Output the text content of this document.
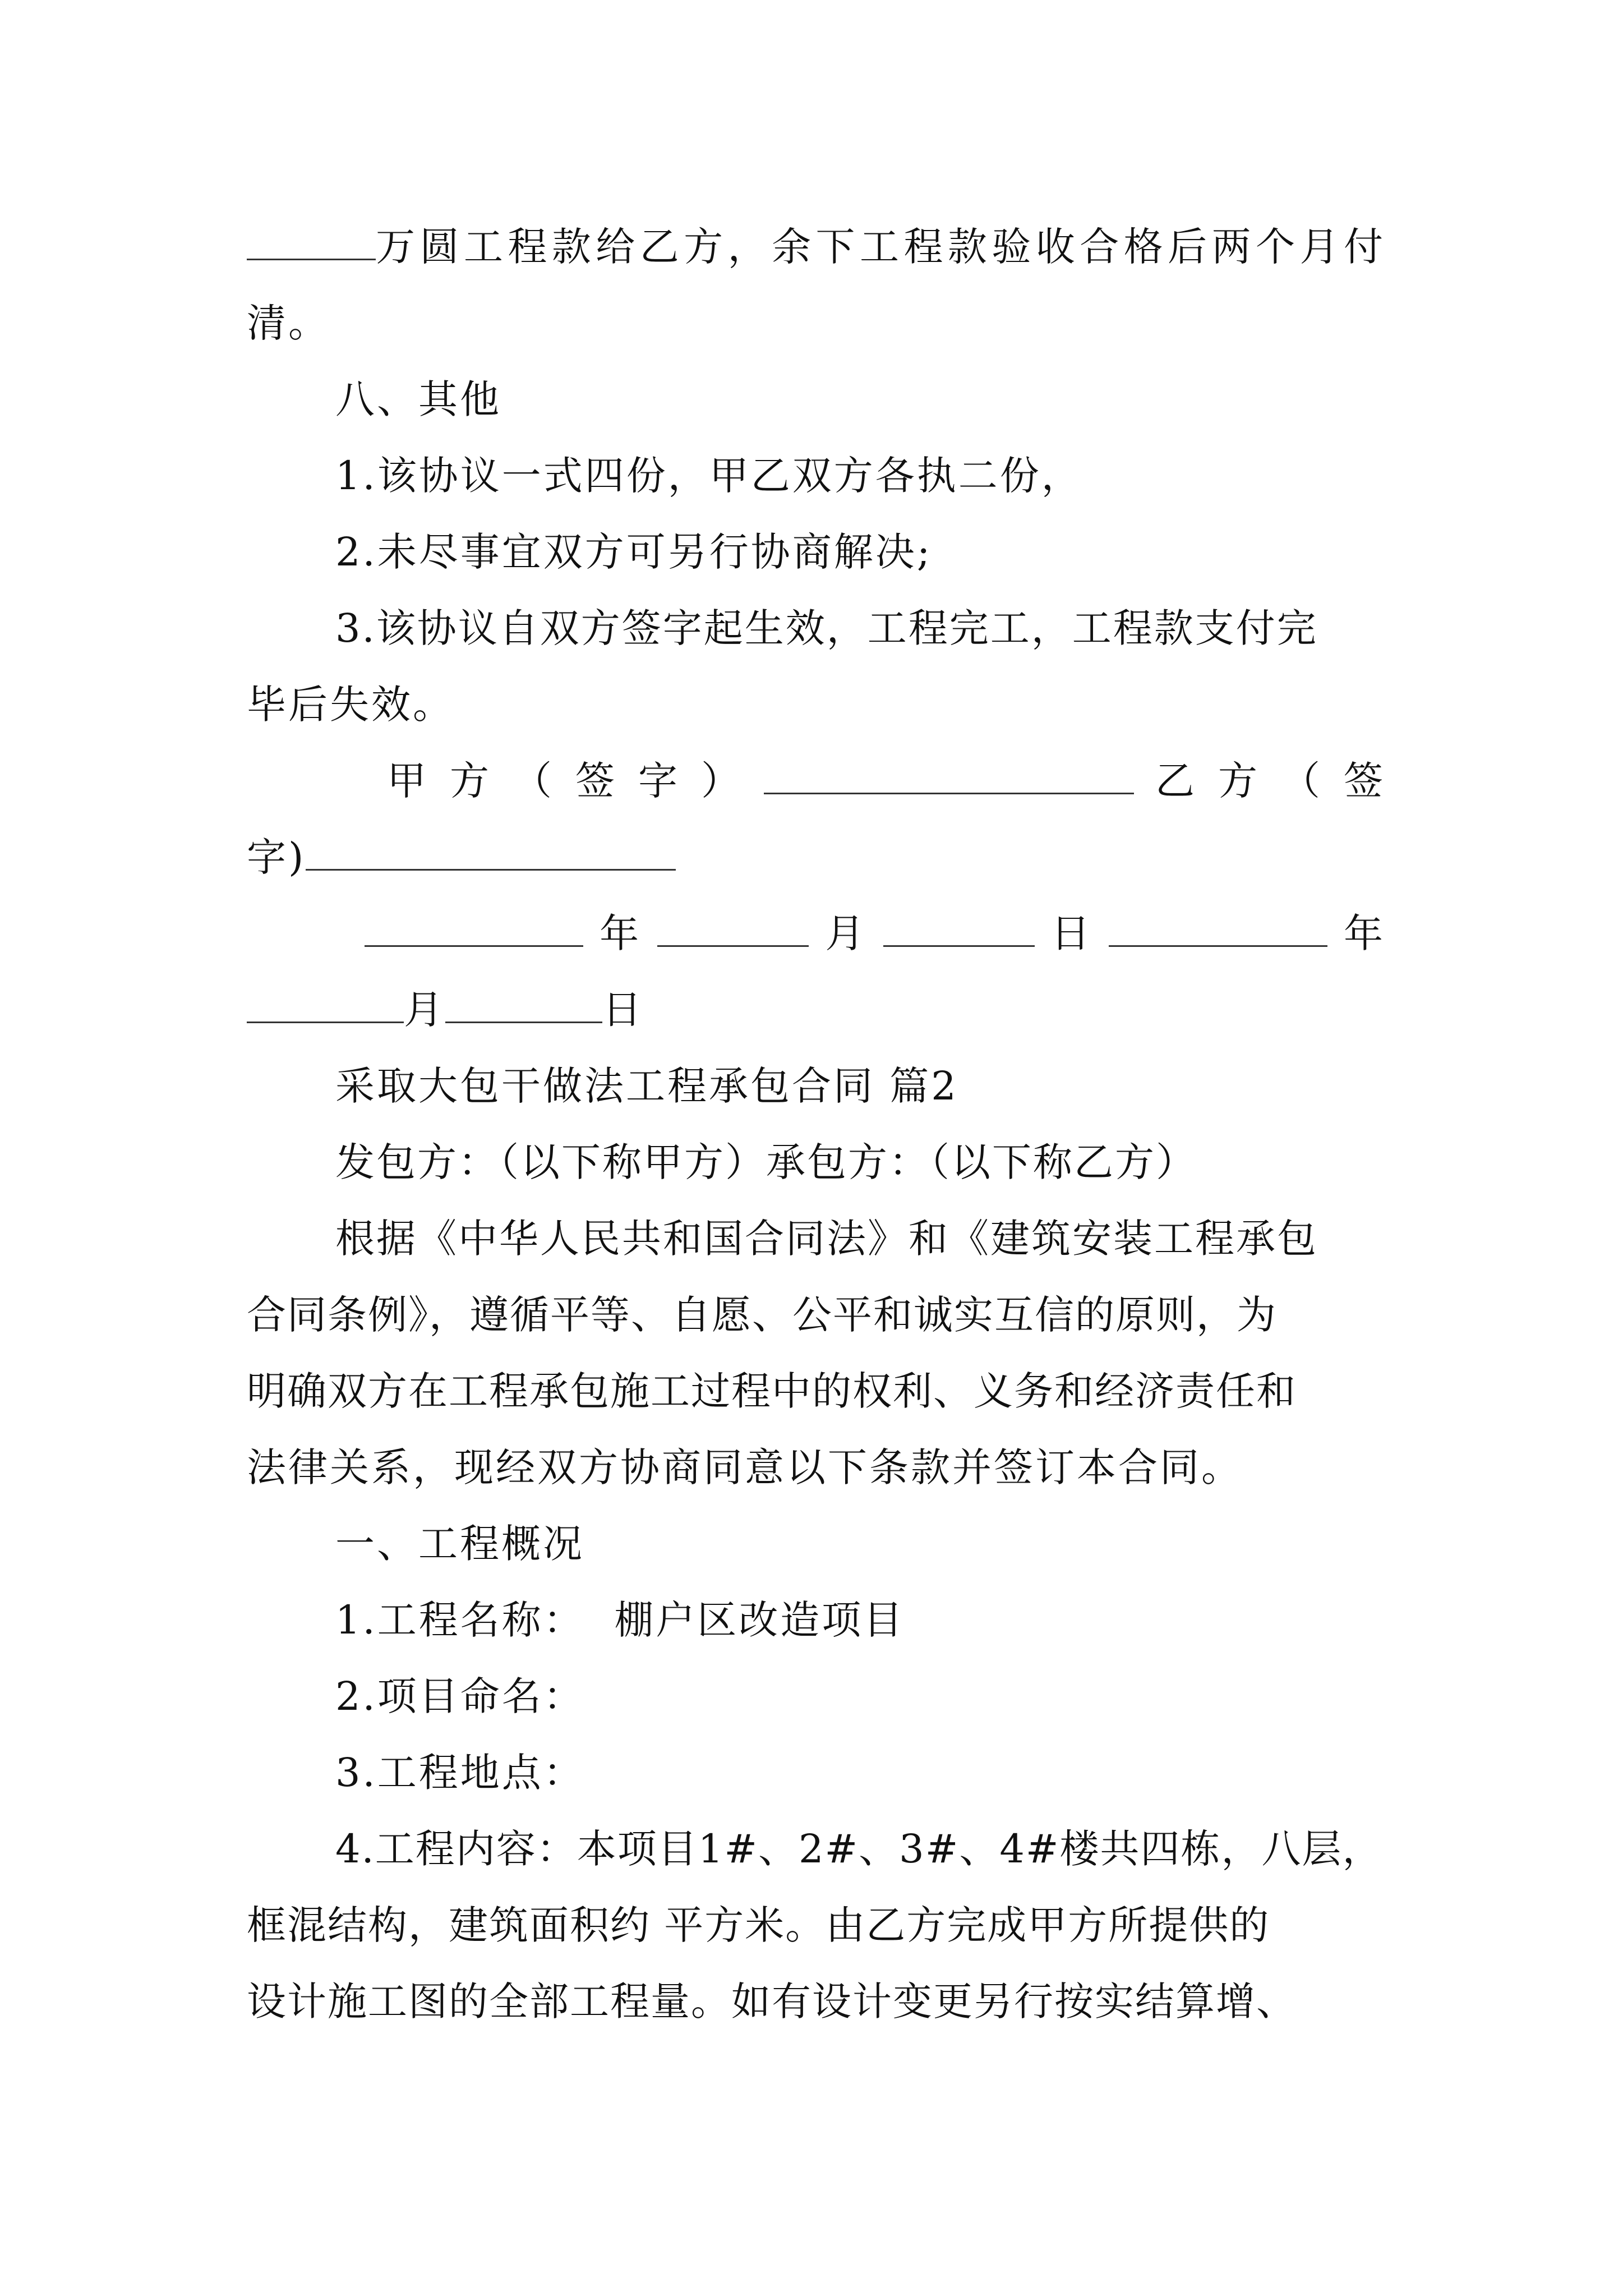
万圆工程款给乙方，余下工程款验收合格后两个月付
清。
八、其他
1.该协议一式四份，甲乙双方各执二份，
2.未尽事宜双方可另行协商解决;
3.该协议自双方签字起生效，工程完工，工程款支付完
毕后失效。
甲 方 （ 签 字 ）	乙 方 （ 签
字)
年	月	日	年
月	日
采取大包干做法工程承包合同 篇2
发包方：（以下称甲方）承包方：（以下称乙方）
根据《中华人民共和国合同法》和《建筑安装工程承包
合同条例》，遵循平等、自愿、公平和诚实互信的原则，为
明确双方在工程承包施工过程中的权利、义务和经济责任和
法律关系，现经双方协商同意以下条款并签订本合同。
一、工程概况
1.工程名称：  棚户区改造项目
2.项目命名：
3.工程地点：
4.工程内容：本项目1#、2#、3#、4#楼共四栋，八层，
框混结构，建筑面积约 平方米。由乙方完成甲方所提供的
设计施工图的全部工程量。如有设计变更另行按实结算增、
